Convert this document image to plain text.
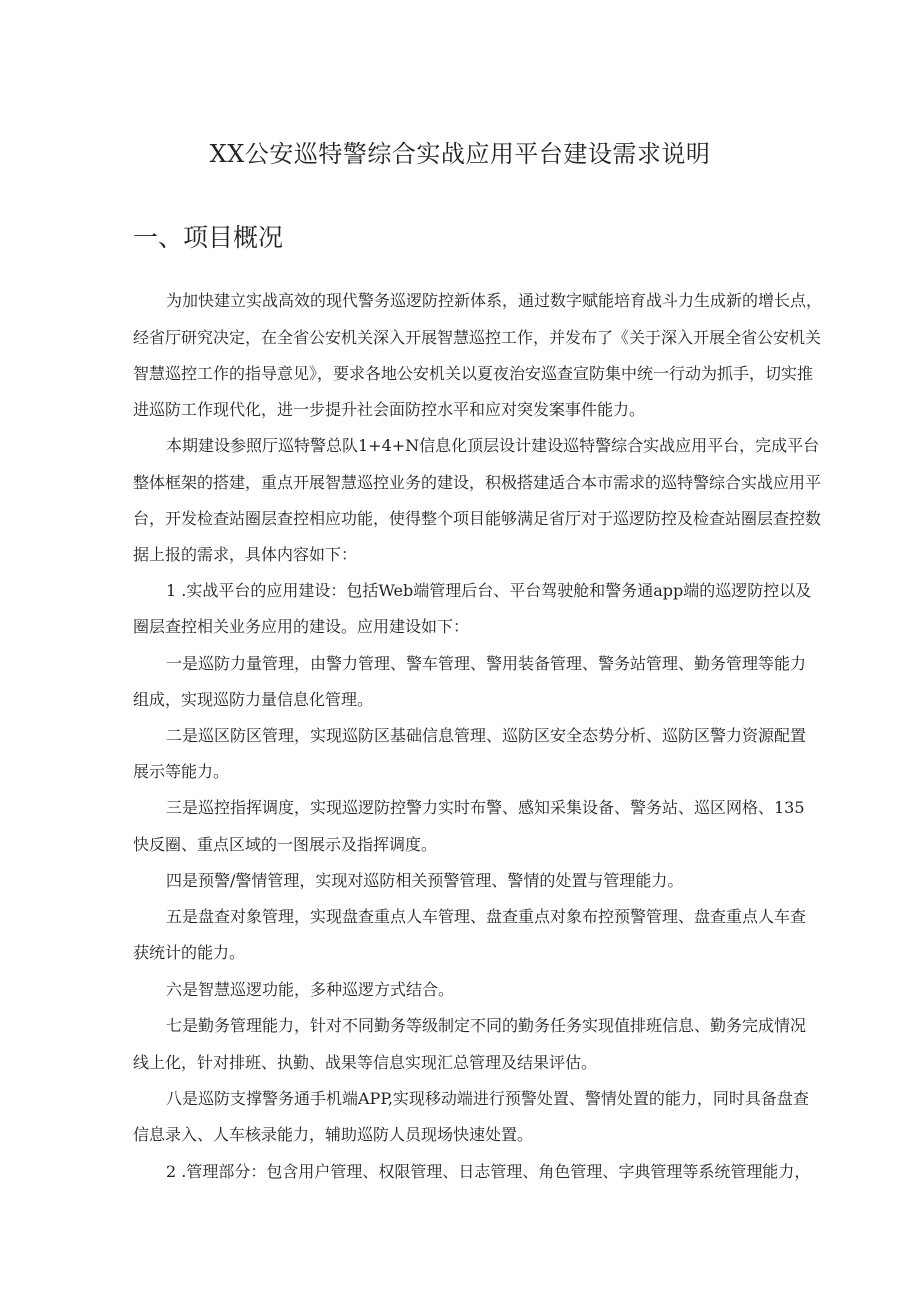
XX公安巡特警综合实战应用平台建设需求说明
一、项目概况
为加快建立实战高效的现代警务巡逻防控新体系，通过数字赋能培育战斗力生成新的增长点，
经省厅研究决定，在全省公安机关深入开展智慧巡控工作，并发布了《关于深入开展全省公安机关
智慧巡控工作的指导意见》，要求各地公安机关以夏夜治安巡查宣防集中统一行动为抓手，切实推
进巡防工作现代化，进一步提升社会面防控水平和应对突发案事件能力。
本期建设参照厅巡特警总队1+4+N信息化顶层设计建设巡特警综合实战应用平台，完成平台
整体框架的搭建，重点开展智慧巡控业务的建设，积极搭建适合本市需求的巡特警综合实战应用平
台，开发检查站圈层查控相应功能，使得整个项目能够满足省厅对于巡逻防控及检查站圈层查控数
据上报的需求，具体内容如下：
1 .实战平台的应用建设：包括Web端管理后台、平台驾驶舱和警务通app端的巡逻防控以及
圈层查控相关业务应用的建设。应用建设如下：
一是巡防力量管理，由警力管理、警车管理、警用装备管理、警务站管理、勤务管理等能力
组成，实现巡防力量信息化管理。
二是巡区防区管理，实现巡防区基础信息管理、巡防区安全态势分析、巡防区警力资源配置
展示等能力。
三是巡控指挥调度，实现巡逻防控警力实时布警、感知采集设备、警务站、巡区网格、135
快反圈、重点区域的一图展示及指挥调度。
四是预警/警情管理，实现对巡防相关预警管理、警情的处置与管理能力。
五是盘查对象管理，实现盘查重点人车管理、盘查重点对象布控预警管理、盘查重点人车查
获统计的能力。
六是智慧巡逻功能，多种巡逻方式结合。
七是勤务管理能力，针对不同勤务等级制定不同的勤务任务实现值排班信息、勤务完成情况
线上化，针对排班、执勤、战果等信息实现汇总管理及结果评估。
八是巡防支撑警务通手机端APP,实现移动端进行预警处置、警情处置的能力，同时具备盘查
信息录入、人车核录能力，辅助巡防人员现场快速处置。
2 .管理部分：包含用户管理、权限管理、日志管理、角色管理、字典管理等系统管理能力，
